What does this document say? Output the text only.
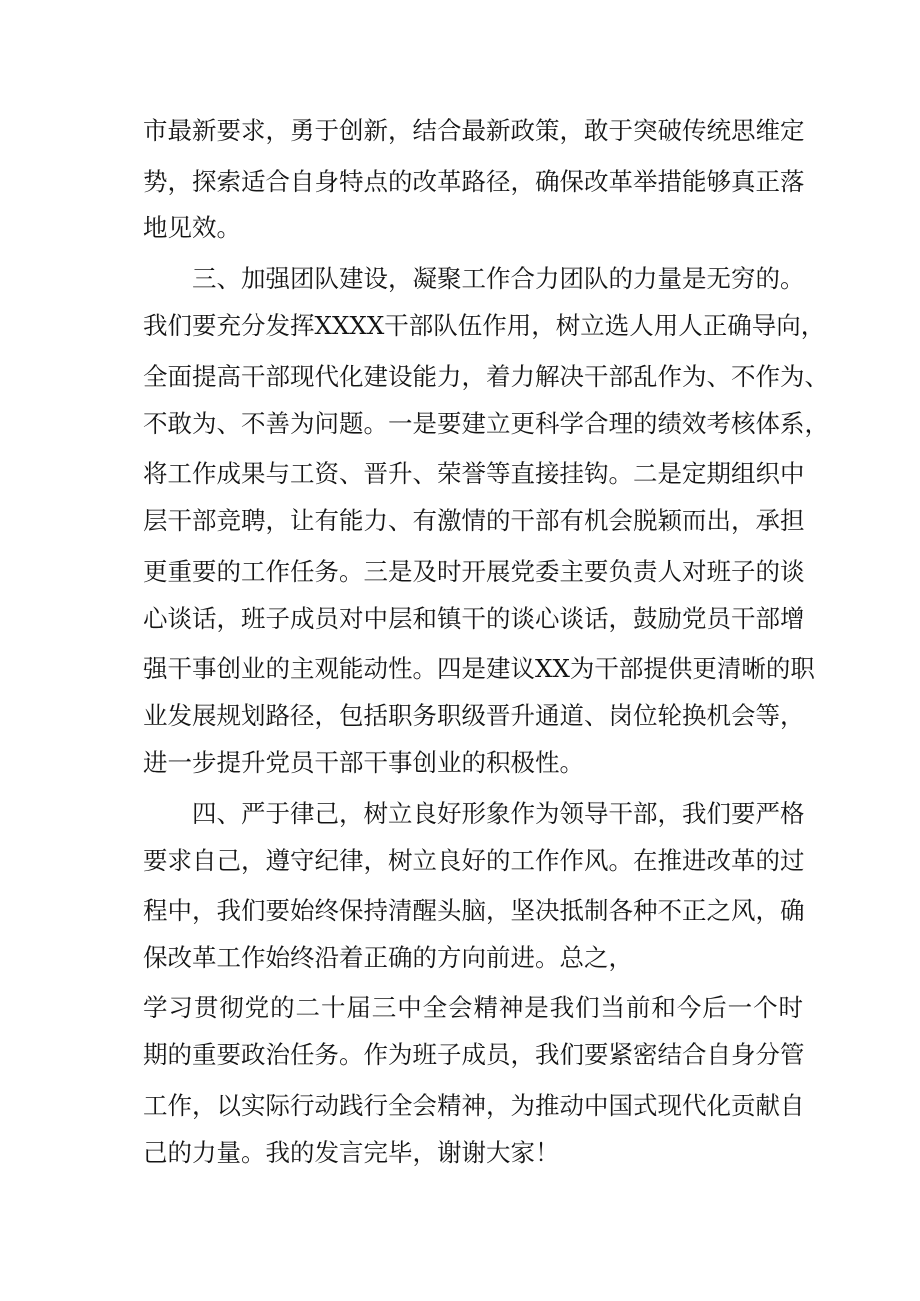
市最新要求，勇于创新，结合最新政策，敢于突破传统思维定
势，探索适合自身特点的改革路径，确保改革举措能够真正落
地见效。
三、加强团队建设，凝聚工作合力团队的力量是无穷的。
我们要充分发挥XXXX干部队伍作用，树立选人用人正确导向，
全面提高干部现代化建设能力，着力解决干部乱作为、不作为、
不敢为、不善为问题。一是要建立更科学合理的绩效考核体系，
将工作成果与工资、晋升、荣誉等直接挂钩。二是定期组织中
层干部竞聘，让有能力、有激情的干部有机会脱颖而出，承担
更重要的工作任务。三是及时开展党委主要负责人对班子的谈
心谈话，班子成员对中层和镇干的谈心谈话，鼓励党员干部增
强干事创业的主观能动性。四是建议XX为干部提供更清晰的职
业发展规划路径，包括职务职级晋升通道、岗位轮换机会等，
进一步提升党员干部干事创业的积极性。
四、严于律己，树立良好形象作为领导干部，我们要严格
要求自己，遵守纪律，树立良好的工作作风。在推进改革的过
程中，我们要始终保持清醒头脑，坚决抵制各种不正之风，确
保改革工作始终沿着正确的方向前进。总之，
学习贯彻党的二十届三中全会精神是我们当前和今后一个时
期的重要政治任务。作为班子成员，我们要紧密结合自身分管
工作，以实际行动践行全会精神，为推动中国式现代化贡献自
己的力量。我的发言完毕，谢谢大家！
